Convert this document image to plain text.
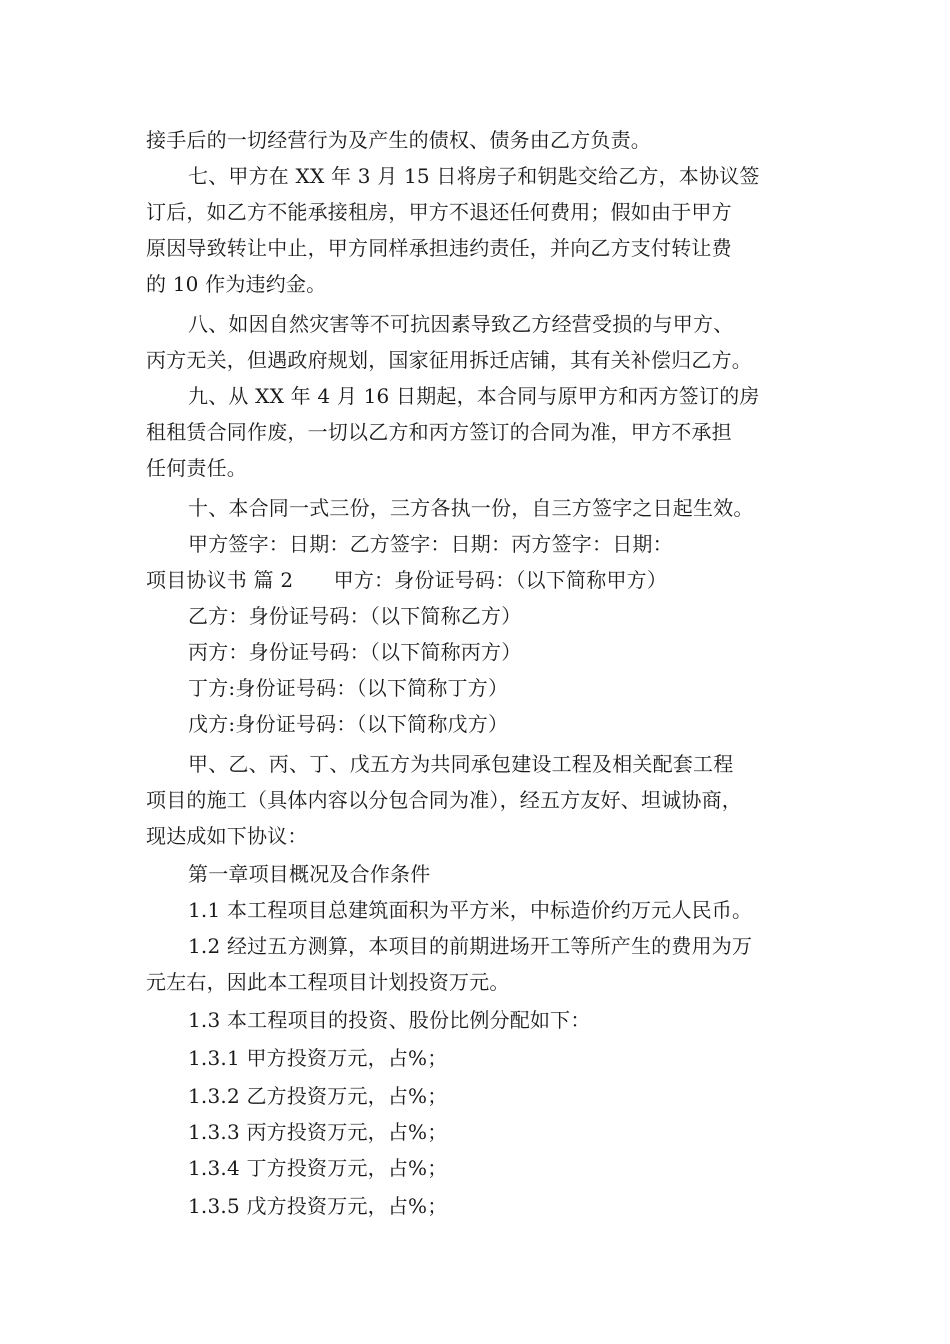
接手后的一切经营行为及产生的债权、债务由乙方负责。
七、甲方在 XX 年 3 月 15 日将房子和钥匙交给乙方，本协议签
订后，如乙方不能承接租房，甲方不退还任何费用；假如由于甲方
原因导致转让中止，甲方同样承担违约责任，并向乙方支付转让费
的 10 作为违约金。
八、如因自然灾害等不可抗因素导致乙方经营受损的与甲方、
丙方无关，但遇政府规划，国家征用拆迁店铺，其有关补偿归乙方。
九、从 XX 年 4 月 16 日期起，本合同与原甲方和丙方签订的房
租租赁合同作废，一切以乙方和丙方签订的合同为准，甲方不承担
任何责任。
十、本合同一式三份，三方各执一份，自三方签字之日起生效。
甲方签字：日期：乙方签字：日期：丙方签字：日期：
项目协议书 篇 2　　甲方：身份证号码：（以下简称甲方）
乙方：身份证号码：（以下简称乙方）
丙方：身份证号码：（以下简称丙方）
丁方:身份证号码：（以下简称丁方）
戊方:身份证号码：（以下简称戊方）
甲、乙、丙、丁、戊五方为共同承包建设工程及相关配套工程
项目的施工（具体内容以分包合同为准），经五方友好、坦诚协商，
现达成如下协议：
第一章项目概况及合作条件
1.1 本工程项目总建筑面积为平方米，中标造价约万元人民币。
1.2 经过五方测算，本项目的前期进场开工等所产生的费用为万
元左右，因此本工程项目计划投资万元。
1.3 本工程项目的投资、股份比例分配如下：
1.3.1 甲方投资万元，占%；
1.3.2 乙方投资万元，占%；
1.3.3 丙方投资万元，占%；
1.3.4 丁方投资万元，占%；
1.3.5 戊方投资万元，占%；
